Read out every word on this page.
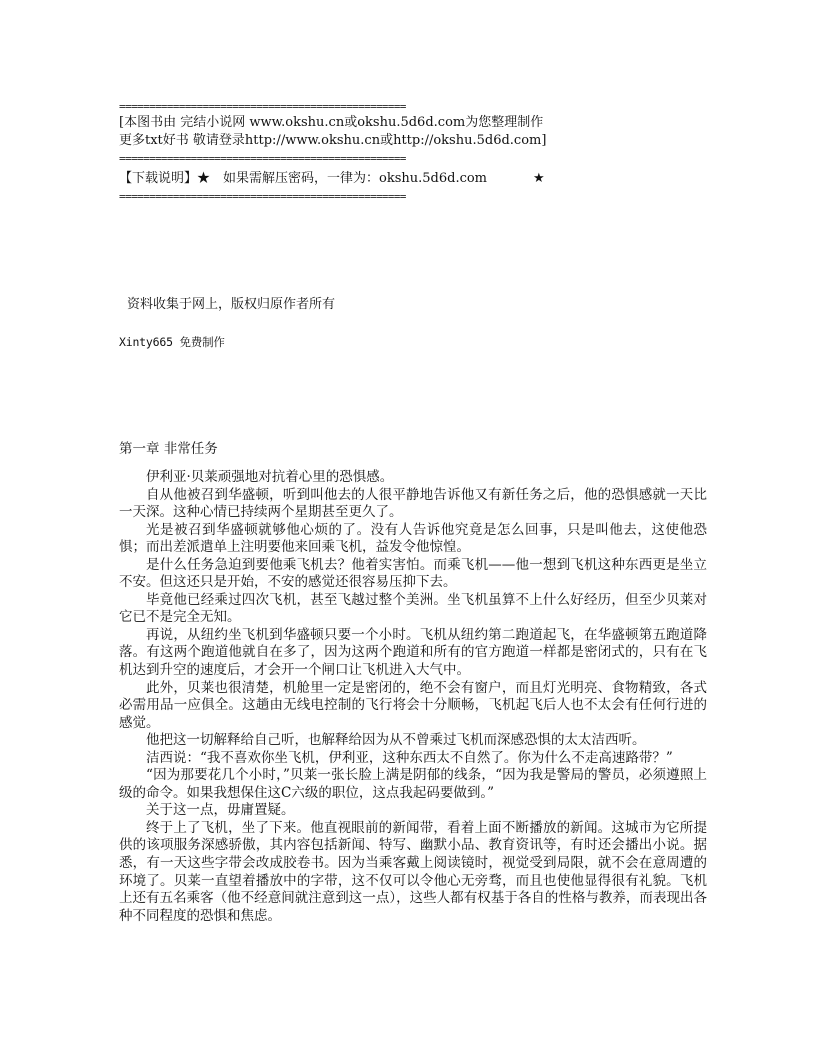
================================================
[本图书由 完结小说网 www.okshu.cn或okshu.5d6d.com为您整理制作
更多txt好书 敬请登录http://www.okshu.cn或http://okshu.5d6d.com]
================================================
【下载说明】★　如果需解压密码，一律为：okshu.5d6d.com	★
================================================
资料收集于网上，版权归原作者所有
Xinty665 免费制作
第一章 非常任务

伊利亚·贝莱顽强地对抗着心里的恐惧感。

自从他被召到华盛顿，听到叫他去的人很平静地告诉他又有新任务之后，他的恐惧感就一天比一天深。这种心情已持续两个星期甚至更久了。

光是被召到华盛顿就够他心烦的了。没有人告诉他究竟是怎么回事，只是叫他去，这使他恐惧；而出差派遣单上注明要他来回乘飞机，益发令他惊惶。

是什么任务急迫到要他乘飞机去？他着实害怕。而乘飞机——他一想到飞机这种东西更是坐立不安。但这还只是开始，不安的感觉还很容易压抑下去。

毕竟他已经乘过四次飞机，甚至飞越过整个美洲。坐飞机虽算不上什么好经历，但至少贝莱对它已不是完全无知。

再说，从纽约坐飞机到华盛顿只要一个小时。飞机从纽约第二跑道起飞，在华盛顿第五跑道降落。有这两个跑道他就自在多了，因为这两个跑道和所有的官方跑道一样都是密闭式的，只有在飞机达到升空的速度后，才会开一个闸口让飞机进入大气中。

此外，贝莱也很清楚，机舱里一定是密闭的，绝不会有窗户，而且灯光明亮、食物精致，各式必需用品一应俱全。这趟由无线电控制的飞行将会十分顺畅，飞机起飞后人也不太会有任何行进的感觉。

他把这一切解释给自己听，也解释给因为从不曾乘过飞机而深感恐惧的太太洁西听。

洁西说：“我不喜欢你坐飞机，伊利亚，这种东西太不自然了。你为什么不走高速路带？”

“因为那要花几个小时，”贝莱一张长脸上满是阴郁的线条，“因为我是警局的警员，必须遵照上级的命令。如果我想保住这C六级的职位，这点我起码要做到。”

关于这一点，毋庸置疑。

终于上了飞机，坐了下来。他直视眼前的新闻带，看着上面不断播放的新闻。这城市为它所提供的该项服务深感骄傲，其内容包括新闻、特写、幽默小品、教育资讯等，有时还会播出小说。据悉，有一天这些字带会改成胶卷书。因为当乘客戴上阅读镜时，视觉受到局限，就不会在意周遭的环境了。贝莱一直望着播放中的字带，这不仅可以令他心无旁骛，而且也使他显得很有礼貌。飞机上还有五名乘客（他不经意间就注意到这一点），这些人都有权基于各自的性格与教养，而表现出各种不同程度的恐惧和焦虑。
